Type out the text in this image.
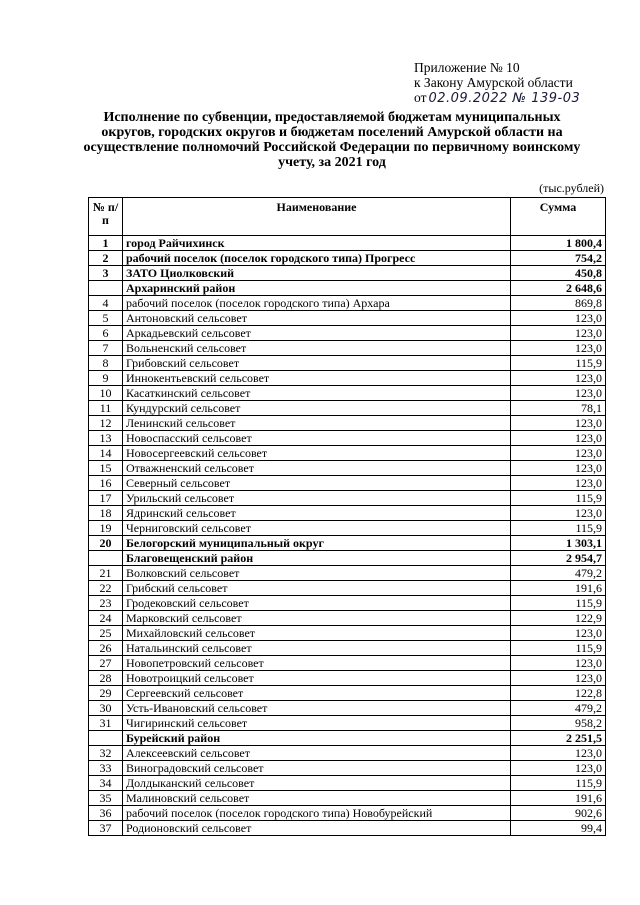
Приложение № 10
к Закону Амурской области
от 02.09.2022 № 139-03
Исполнение по субвенции, предоставляемой бюджетам муниципальных округов, городских округов и бюджетам поселений Амурской области на осуществление полномочий Российской Федерации по первичному воинскому учету, за 2021 год
(тыс.рублей)
№ п/п	Наименование	Сумма
1	город Райчихинск	1 800,4
2	рабочий поселок (поселок городского типа) Прогресс	754,2
3	ЗАТО Циолковский	450,8
	Архаринский район	2 648,6
4	рабочий поселок (поселок городского типа) Архара	869,8
5	Антоновский сельсовет	123,0
6	Аркадьевский сельсовет	123,0
7	Вольненский сельсовет	123,0
8	Грибовский сельсовет	115,9
9	Иннокентьевский сельсовет	123,0
10	Касаткинский сельсовет	123,0
11	Кундурский сельсовет	78,1
12	Ленинский сельсовет	123,0
13	Новоспасский сельсовет	123,0
14	Новосергеевский сельсовет	123,0
15	Отважненский сельсовет	123,0
16	Северный сельсовет	123,0
17	Урильский сельсовет	115,9
18	Ядринский сельсовет	123,0
19	Черниговский сельсовет	115,9
20	Белогорский муниципальный округ	1 303,1
	Благовещенский район	2 954,7
21	Волковский сельсовет	479,2
22	Грибский сельсовет	191,6
23	Гродековский сельсовет	115,9
24	Марковский сельсовет	122,9
25	Михайловский сельсовет	123,0
26	Натальинский сельсовет	115,9
27	Новопетровский сельсовет	123,0
28	Новотроицкий сельсовет	123,0
29	Сергеевский сельсовет	122,8
30	Усть-Ивановский сельсовет	479,2
31	Чигиринский сельсовет	958,2
	Бурейский район	2 251,5
32	Алексеевский сельсовет	123,0
33	Виноградовский сельсовет	123,0
34	Долдыканский сельсовет	115,9
35	Малиновский сельсовет	191,6
36	рабочий поселок (поселок городского типа) Новобурейский	902,6
37	Родионовский сельсовет	99,4
